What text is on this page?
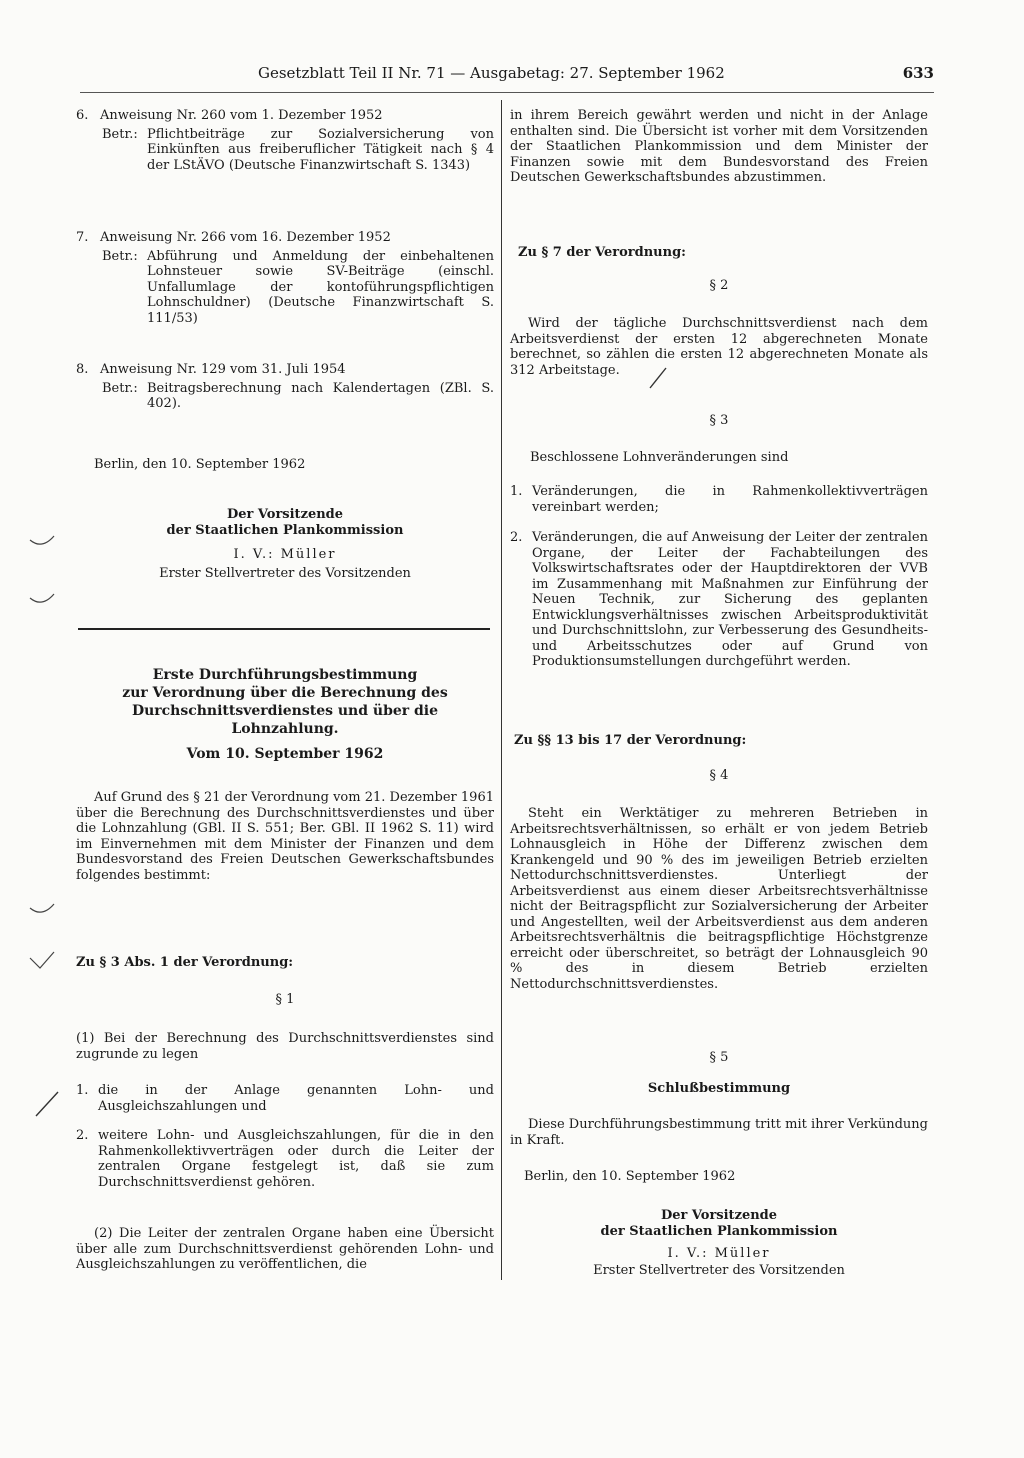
Gesetzblatt Teil II Nr. 71 — Ausgabetag: 27. September 1962	633
6. Anweisung Nr. 260 vom 1. Dezember 1952
Betr.: Pflichtbeiträge zur Sozialversicherung von Einkünften aus freiberuflicher Tätigkeit nach § 4 der LStÄVO (Deutsche Finanzwirtschaft S. 1343)
7. Anweisung Nr. 266 vom 16. Dezember 1952
Betr.: Abführung und Anmeldung der einbehaltenen Lohnsteuer sowie SV-Beiträge (einschl. Unfallumlage der kontoführungspflichtigen Lohnschuldner) (Deutsche Finanzwirtschaft S. 111/53)
8. Anweisung Nr. 129 vom 31. Juli 1954
Betr.: Beitragsberechnung nach Kalendertagen (ZBl. S. 402).
Berlin, den 10. September 1962
Der Vorsitzende
der Staatlichen Plankommission
I. V.: Müller
Erster Stellvertreter des Vorsitzenden
Erste Durchführungsbestimmung
zur Verordnung über die Berechnung des
Durchschnittsverdienstes und über die Lohnzahlung.
Vom 10. September 1962

Auf Grund des § 21 der Verordnung vom 21. Dezember 1961 über die Berechnung des Durchschnittsverdienstes und über die Lohnzahlung (GBl. II S. 551; Ber. GBl. II 1962 S. 11) wird im Einvernehmen mit dem Minister der Finanzen und dem Bundesvorstand des Freien Deutschen Gewerkschaftsbundes folgendes bestimmt:

Zu § 3 Abs. 1 der Verordnung:
§ 1

(1) Bei der Berechnung des Durchschnittsverdienstes sind zugrunde zu legen

1. die in der Anlage genannten Lohn- und Ausgleichszahlungen und
2. weitere Lohn- und Ausgleichszahlungen, für die in den Rahmenkollektivverträgen oder durch die Leiter der zentralen Organe festgelegt ist, daß sie zum Durchschnittsverdienst gehören.

(2) Die Leiter der zentralen Organe haben eine Übersicht über alle zum Durchschnittsverdienst gehörenden Lohn- und Ausgleichszahlungen zu veröffentlichen, die

in ihrem Bereich gewährt werden und nicht in der Anlage enthalten sind. Die Übersicht ist vorher mit dem Vorsitzenden der Staatlichen Plankommission und dem Minister der Finanzen sowie mit dem Bundesvorstand des Freien Deutschen Gewerkschaftsbundes abzustimmen.

Zu § 7 der Verordnung:
§ 2

Wird der tägliche Durchschnittsverdienst nach dem Arbeitsverdienst der ersten 12 abgerechneten Monate berechnet, so zählen die ersten 12 abgerechneten Monate als 312 Arbeitstage.

§ 3
Beschlossene Lohnveränderungen sind
1. Veränderungen, die in Rahmenkollektivverträgen vereinbart werden;
2. Veränderungen, die auf Anweisung der Leiter der zentralen Organe, der Leiter der Fachabteilungen des Volkswirtschaftsrates oder der Hauptdirektoren der VVB im Zusammenhang mit Maßnahmen zur Einführung der Neuen Technik, zur Sicherung des geplanten Entwicklungsverhältnisses zwischen Arbeitsproduktivität und Durchschnittslohn, zur Verbesserung des Gesundheits- und Arbeitsschutzes oder auf Grund von Produktionsumstellungen durchgeführt werden.
Zu §§ 13 bis 17 der Verordnung:
§ 4

Steht ein Werktätiger zu mehreren Betrieben in Arbeitsrechtsverhältnissen, so erhält er von jedem Betrieb Lohnausgleich in Höhe der Differenz zwischen dem Krankengeld und 90 % des im jeweiligen Betrieb erzielten Nettodurchschnittsverdienstes. Unterliegt der Arbeitsverdienst aus einem dieser Arbeitsrechtsverhältnisse nicht der Beitragspflicht zur Sozialversicherung der Arbeiter und Angestellten, weil der Arbeitsverdienst aus dem anderen Arbeitsrechtsverhältnis die beitragspflichtige Höchstgrenze erreicht oder überschreitet, so beträgt der Lohnausgleich 90 % des in diesem Betrieb erzielten Nettodurchschnittsverdienstes.

§ 5
Schlußbestimmung

Diese Durchführungsbestimmung tritt mit ihrer Verkündung in Kraft.

Berlin, den 10. September 1962
Der Vorsitzende
der Staatlichen Plankommission
I. V.: Müller
Erster Stellvertreter des Vorsitzenden
